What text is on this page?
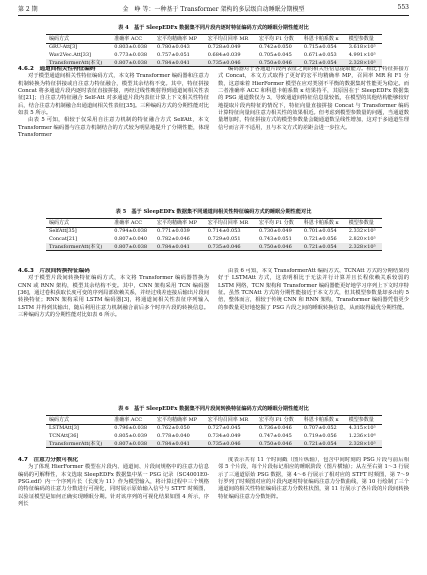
第 2 期	金　峥 等：一种基于 Transformer 架构的多层级自动睡眠分期模型	553
表 4　基于 SleepEDFx 数据集不同片段内逐时特征编码方式的睡眠分期性能对比
编码方式	准确率 ACC	宏平均精确率 MP	宏平均召回率 MR	宏平均 F1 分数	科恩卡帕系数 κ	模型参数量
GRU-Att[3]	0.803±0.038	0.780±0.043	0.728±0.049	0.742±0.050	0.715±0.054	3.618×10⁵
Wav2Vec.Att[33]	0.773±0.038	0.757±0.051	0.684±0.039	0.705±0.045	0.671±0.053	4.991×10⁵
TransformerAtt(本文)	0.807±0.038	0.784±0.041	0.735±0.046	0.750±0.046	0.721±0.054	2.328×10⁵
4.6.2　通道间相关性特征编码

对于模型通道间相关性特征编码方式，本文将 Transformer 编码器和注意力机制转换为特征拼接或自注意力特征融合，模型其余结构不变。其中，特征拼接 Concat 将多通道片段内逐时表征直接拼接，再经过线性映射得到通道间相关性表征[21]；自注意力特征融合 Self-Att 对多通道片段内表征计算上下文相关性特征后，结合注意力机制融合出通道间相关性表征[35]。三种编码方式的分期性能对比如表 5 所示。

由表 5 可知，相较于仅采用自注意力机制的特征融合方式 SelfAtt，本文 Transformer 编码器与注意力机制结合的方式较为明显地提升了分期性能，体现 Transformer

编码器对于各通道片段内表征之间的相关性信息提取能力。相比于特征拼接方式 Concat，本文方式取得了更好的宏平均精确率 MP，召回率 MR 和 F1 分数，这意味着 HierFormer 模型在应对类别不平衡的数据集时性能更为稳定。而二者准确率 ACC 和科恩卡帕系数 κ 结果持平，其原因在于 SleepEDFx 数据集的 PSG 通道数仅为 3，导致通道间特征信息量较低，在模型的其他结构能够较好地提取片段内特征的情况下，特征向量直接拼接 Concat 与 Transformer 编码计算特征向量间注意力相关性的效果相近。但考虑到模型参数量的问题，当通道数量增加时，特征拼接方式的模型参数量会随通道数呈线性增加，这对于多通道生理信号而言并不适用，且与本文方式的差距会进一步拉大。

表 5　基于 SleepEDFx 数据集不同通道间相关性特征编码方式的睡眠分期性能对比
编码方式	准确率 ACC	宏平均精确率 MP	宏平均召回率 MR	宏平均 F1 分数	科恩卡帕系数 κ	模型参数量
SelfAtt[35]	0.794±0.038	0.771±0.039	0.714±0.053	0.730±0.049	0.701±0.054	2.332×10⁵
Concat[21]	0.807±0.040	0.782±0.046	0.729±0.051	0.743±0.051	0.721±0.056	2.820×10⁵
TransformerAtt(本文)	0.807±0.038	0.784±0.041	0.735±0.046	0.750±0.046	0.721±0.054	2.328×10⁵
4.6.3　片段间转换特征编码

对于模型片段间转换特征编码方式，本文将 Transformer 编码器替换为 CNN 或 RNN 架构，模型其余结构不变。其中，CNN 架构采用 TCN 编码器[36]，通过卷积获取长度可变的序列局部依赖关系，并经过残差连接后输出片段间转换特征；RNN 架构采用 LSTM 编码器[3]，将通道间相关性表征序列输入 LSTM 并得到其输出，随后利用注意力机制融合前后多个时序片段的转换信息。三种编码方式的分期性能对比如表 6 所示。

由表 6 可知，本文 TransformerAtt 编码方式、TCNAtt 方式的分期结果均好于 LSTMAtt 方式，这表明相比于无法并行计算并且长程依赖关系较弱的 LSTM 网络，TCN 架构和 Transformer 编码器能更好地学习序列上下文时序特征。虽然 TCNAtt 方式的分期性能接近于本文方式，但其模型参数量却多出约 5 倍，整体而言，相较于传统 CNN 和 RNN 架构，Transformer 编码器凭借更少的参数量更好地挖掘了 PSG 片段之间的睡眠转换信息，从而取得最优分期性能。

表 6　基于 SleepEDFx 数据集不同片段间转换特征编码方式的睡眠分期性能对比
编码方式	准确率 ACC	宏平均精确率 MP	宏平均召回率 MR	宏平均 F1 分数	科恩卡帕系数 κ	模型参数量
LSTMAtt[3]	0.796±0.038	0.762±0.050	0.727±0.045	0.736±0.046	0.707±0.052	4.315×10⁵
TCNAtt[36]	0.805±0.039	0.778±0.040	0.734±0.049	0.747±0.045	0.719±0.056	1.236×10⁶
TransformerAtt(本文)	0.807±0.038	0.784±0.041	0.735±0.046	0.750±0.046	0.721±0.054	2.328×10⁵
4.7　注意力分数可视化

为了体现 HierFormer 模型在片段内、通道间、片段间规格中的注意力信息编码的可解释性，本文选取 SleepEDFx 数据集中某一 PSG 记录（SC4001E0-PSG.edf）内一个序列片长（长度为 11）作为模型输入，将计算过程中三个规格的特征编码的注意力分数进行可视化，同时展示原始输入信号与 STFT 时频图，以验证模型是如何正确实现睡眠分期。针对该序列的可视化结果如图 4 所示，序列长

度表示共有 11 个时间戳（图片纵轴），包含中间时刻的 PSG 片段与前后相邻 5 个片段，每个片段标记相应的睡眠阶段（图片横轴）；从左至右第 1～3 行展示了三通道原始 PSG 数据，第 4～6 行展示了相对应的 STFT 时频图，第 7～9 行罗列了时频图对应的片段内逐时特征编码注意力分数曲线，第 10 行绘制了三个通道间的相关性特征编码注意力分数柱状图，第 11 行展示了各片段的片段间转换特征编码注意力分数矩阵。
